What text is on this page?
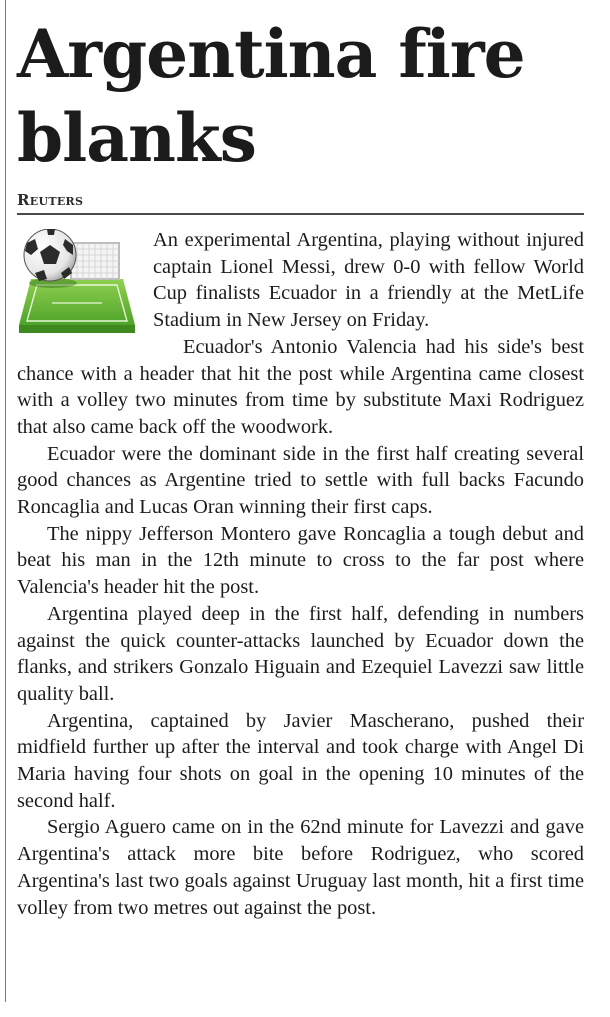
Argentina fire blanks
Reuters

An experimental Argentina, playing without injured captain Lionel Messi, drew 0-0 with fellow World Cup finalists Ecuador in a friendly at the MetLife Stadium in New Jersey on Friday.

Ecuador's Antonio Valencia had his side's best chance with a header that hit the post while Argentina came closest with a volley two minutes from time by substitute Maxi Rodriguez that also came back off the woodwork.

Ecuador were the dominant side in the first half creating several good chances as Argentine tried to settle with full backs Facundo Roncaglia and Lucas Oran winning their first caps.

The nippy Jefferson Montero gave Roncaglia a tough debut and beat his man in the 12th minute to cross to the far post where Valencia's header hit the post.

Argentina played deep in the first half, defending in numbers against the quick counter-attacks launched by Ecuador down the flanks, and strikers Gonzalo Higuain and Ezequiel Lavezzi saw little quality ball.

Argentina, captained by Javier Mascherano, pushed their midfield further up after the interval and took charge with Angel Di Maria having four shots on goal in the opening 10 minutes of the second half.

Sergio Aguero came on in the 62nd minute for Lavezzi and gave Argentina's attack more bite before Rodriguez, who scored Argentina's last two goals against Uruguay last month, hit a first time volley from two metres out against the post.
